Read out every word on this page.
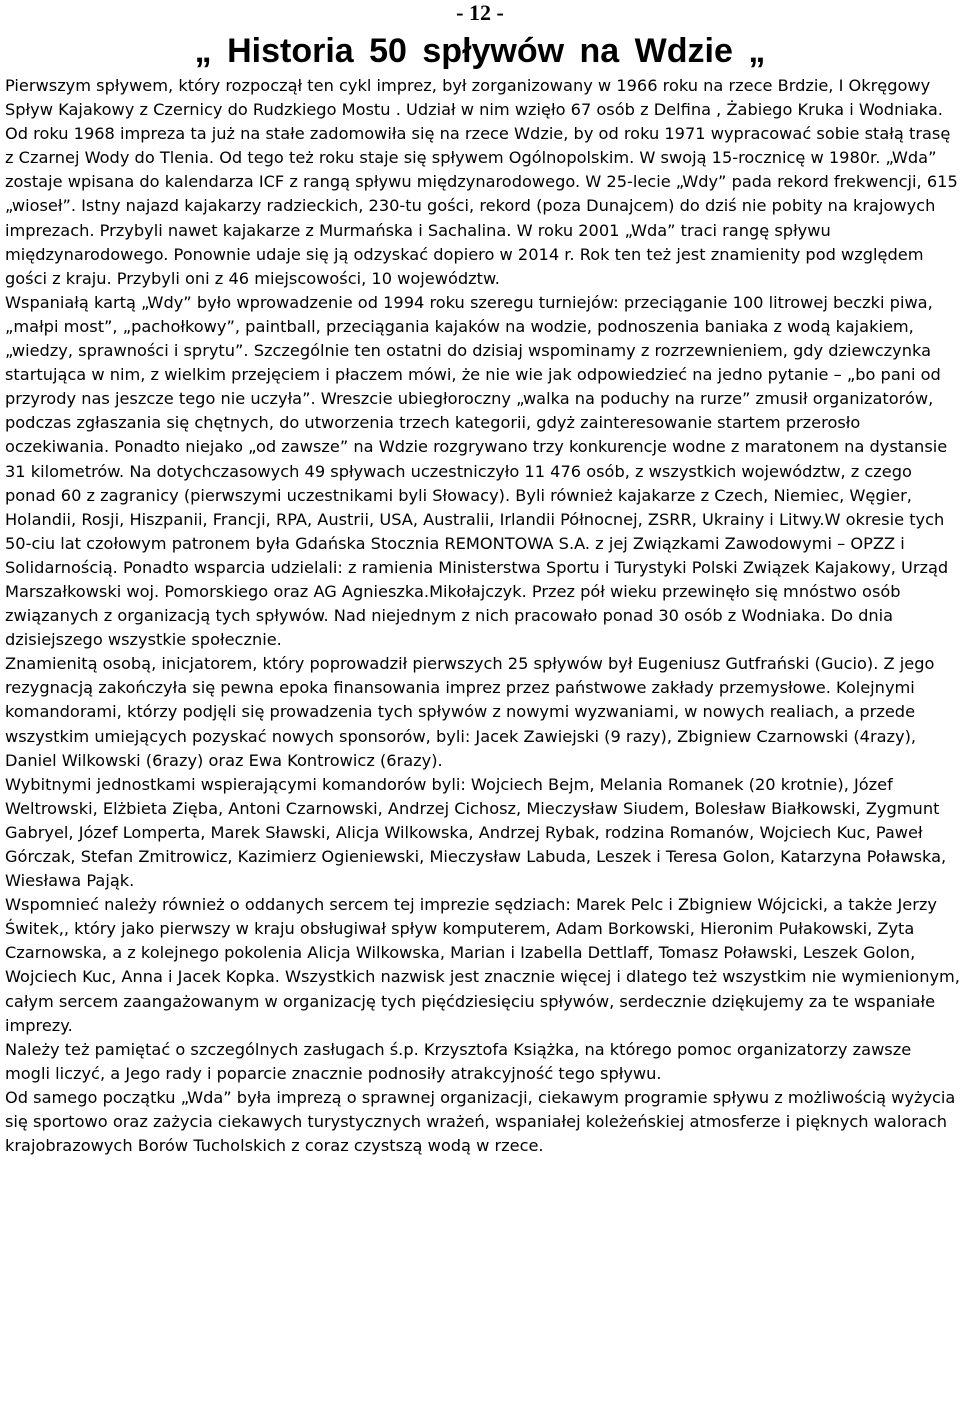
- 12 -
„ Historia 50 spływów na Wdzie „

Pierwszym spływem, który rozpoczął ten cykl imprez, był zorganizowany w 1966 roku na rzece Brdzie, I Okręgowy Spływ Kajakowy z Czernicy do Rudzkiego Mostu . Udział w nim wzięło 67 osób z Delfina , Żabiego Kruka i Wodniaka. Od roku 1968 impreza ta już na stałe zadomowiła się na rzece Wdzie, by od roku 1971 wypracować sobie stałą trasę z Czarnej Wody do Tlenia. Od tego też roku staje się spływem Ogólnopolskim. W swoją 15-rocznicę w 1980r. „Wda” zostaje wpisana do kalendarza ICF z rangą spływu międzynarodowego. W 25-lecie „Wdy” pada rekord frekwencji, 615 „wioseł”. Istny najazd kajakarzy radzieckich, 230-tu gości, rekord (poza Dunajcem) do dziś nie pobity na krajowych imprezach. Przybyli nawet kajakarze z Murmańska i Sachalina. W roku 2001 „Wda” traci rangę spływu międzynarodowego. Ponownie udaje się ją odzyskać dopiero w 2014 r. Rok ten też jest znamienity pod względem gości z kraju. Przybyli oni z 46 miejscowości, 10 województw.

Wspaniałą kartą „Wdy” było wprowadzenie od 1994 roku szeregu turniejów: przeciąganie 100 litrowej beczki piwa, „małpi most”, „pachołkowy”, paintball, przeciągania kajaków na wodzie, podnoszenia baniaka z wodą kajakiem, „wiedzy, sprawności i sprytu”. Szczególnie ten ostatni do dzisiaj wspominamy z rozrzewnieniem, gdy dziewczynka startująca w nim, z wielkim przejęciem i płaczem mówi, że nie wie jak odpowiedzieć na jedno pytanie – „bo pani od przyrody nas jeszcze tego nie uczyła”. Wreszcie ubiegłoroczny „walka na poduchy na rurze” zmusił organizatorów, podczas zgłaszania się chętnych, do utworzenia trzech kategorii, gdyż zainteresowanie startem przerosło oczekiwania. Ponadto niejako „od zawsze” na Wdzie rozgrywano trzy konkurencje wodne z maratonem na dystansie 31 kilometrów. Na dotychczasowych 49 spływach uczestniczyło 11 476 osób, z wszystkich województw, z czego ponad 60 z zagranicy (pierwszymi uczestnikami byli Słowacy). Byli również kajakarze z Czech, Niemiec, Węgier, Holandii, Rosji, Hiszpanii, Francji, RPA, Austrii, USA, Australii, Irlandii Północnej, ZSRR, Ukrainy i Litwy.W okresie tych 50-ciu lat czołowym patronem była Gdańska Stocznia REMONTOWA S.A. z jej Związkami Zawodowymi – OPZZ i Solidarnością. Ponadto wsparcia udzielali: z ramienia Ministerstwa Sportu i Turystyki Polski Związek Kajakowy, Urząd Marszałkowski woj. Pomorskiego oraz AG Agnieszka.Mikołajczyk. Przez pół wieku przewinęło się mnóstwo osób związanych z organizacją tych spływów. Nad niejednym z nich pracowało ponad 30 osób z Wodniaka. Do dnia dzisiejszego wszystkie społecznie.

Znamienitą osobą, inicjatorem, który poprowadził pierwszych 25 spływów był Eugeniusz Gutfrański (Gucio). Z jego rezygnacją zakończyła się pewna epoka finansowania imprez przez państwowe zakłady przemysłowe. Kolejnymi komandorami, którzy podjęli się prowadzenia tych spływów z nowymi wyzwaniami, w nowych realiach, a przede wszystkim umiejących pozyskać nowych sponsorów, byli: Jacek Zawiejski (9 razy), Zbigniew Czarnowski (4razy), Daniel Wilkowski (6razy) oraz Ewa Kontrowicz (6razy).

Wybitnymi jednostkami wspierającymi komandorów byli: Wojciech Bejm, Melania Romanek (20 krotnie), Józef Weltrowski, Elżbieta Zięba, Antoni Czarnowski, Andrzej Cichosz, Mieczysław Siudem, Bolesław Białkowski, Zygmunt Gabryel, Józef Lomperta, Marek Sławski, Alicja Wilkowska, Andrzej Rybak, rodzina Romanów, Wojciech Kuc, Paweł Górczak, Stefan Zmitrowicz, Kazimierz Ogieniewski, Mieczysław Labuda, Leszek i Teresa Golon, Katarzyna Poławska, Wiesława Pająk.

Wspomnieć należy również o oddanych sercem tej imprezie sędziach: Marek Pelc i Zbigniew Wójcicki, a także Jerzy Świtek,, który jako pierwszy w kraju obsługiwał spływ komputerem, Adam Borkowski, Hieronim Pułakowski, Zyta Czarnowska, a z kolejnego pokolenia Alicja Wilkowska, Marian i Izabella Dettlaff, Tomasz Poławski, Leszek Golon, Wojciech Kuc, Anna i Jacek Kopka. Wszystkich nazwisk jest znacznie więcej i dlatego też wszystkim nie wymienionym, całym sercem zaangażowanym w organizację tych pięćdziesięciu spływów, serdecznie dziękujemy za te wspaniałe imprezy.

Należy też pamiętać o szczególnych zasługach ś.p. Krzysztofa Książka, na którego pomoc organizatorzy zawsze mogli liczyć, a Jego rady i poparcie znacznie podnosiły atrakcyjność tego spływu.

Od samego początku „Wda” była imprezą o sprawnej organizacji, ciekawym programie spływu z możliwością wyżycia się sportowo oraz zażycia ciekawych turystycznych wrażeń, wspaniałej koleżeńskiej atmosferze i pięknych walorach krajobrazowych Borów Tucholskich z coraz czystszą wodą w rzece.
